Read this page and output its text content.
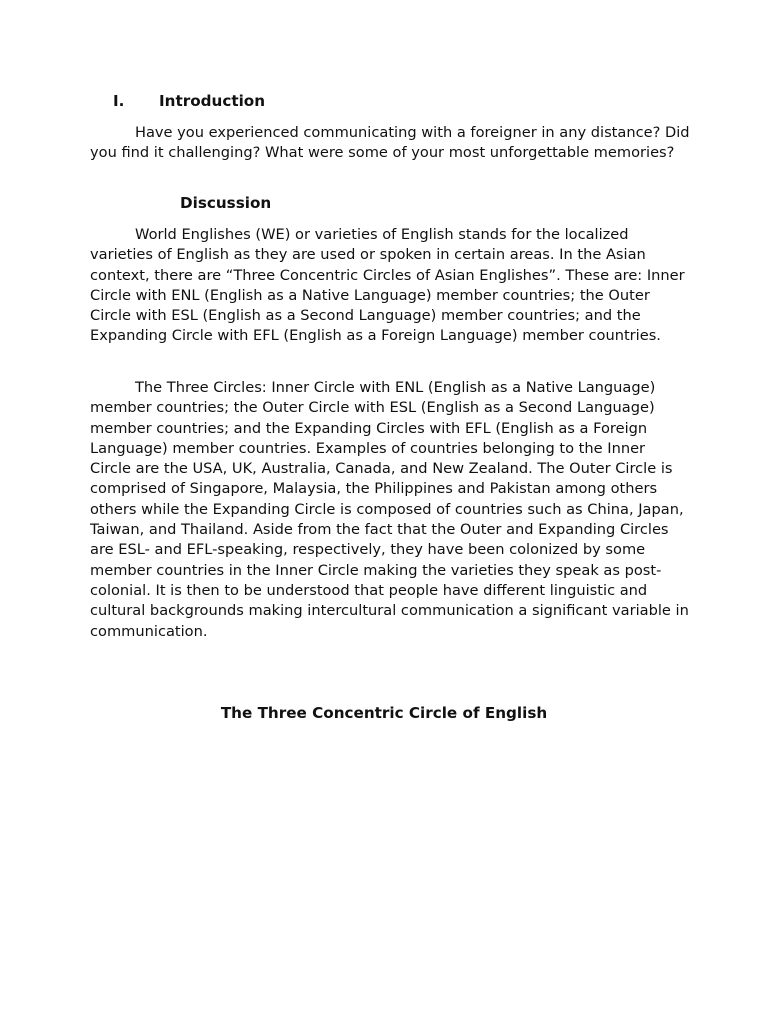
I. Introduction

Have you experienced communicating with a foreigner in any distance? Did you find it challenging? What were some of your most unforgettable memories?

Discussion

World Englishes (WE) or varieties of English stands for the localized varieties of English as they are used or spoken in certain areas. In the Asian context, there are “Three Concentric Circles of Asian Englishes”. These are: Inner Circle with ENL (English as a Native Language) member countries; the Outer Circle with ESL (English as a Second Language) member countries; and the Expanding Circle with EFL (English as a Foreign Language) member countries.

The Three Circles: Inner Circle with ENL (English as a Native Language) member countries; the Outer Circle with ESL (English as a Second Language) member countries; and the Expanding Circles with EFL (English as a Foreign Language) member countries. Examples of countries belonging to the Inner Circle are the USA, UK, Australia, Canada, and New Zealand. The Outer Circle is comprised of Singapore, Malaysia, the Philippines and Pakistan among others others while the Expanding Circle is composed of countries such as China, Japan, Taiwan, and Thailand. Aside from the fact that the Outer and Expanding Circles are ESL- and EFL-speaking, respectively, they have been colonized by some member countries in the Inner Circle making the varieties they speak as post-colonial. It is then to be understood that people have different linguistic and cultural backgrounds making intercultural communication a significant variable in communication.

The Three Concentric Circle of English
